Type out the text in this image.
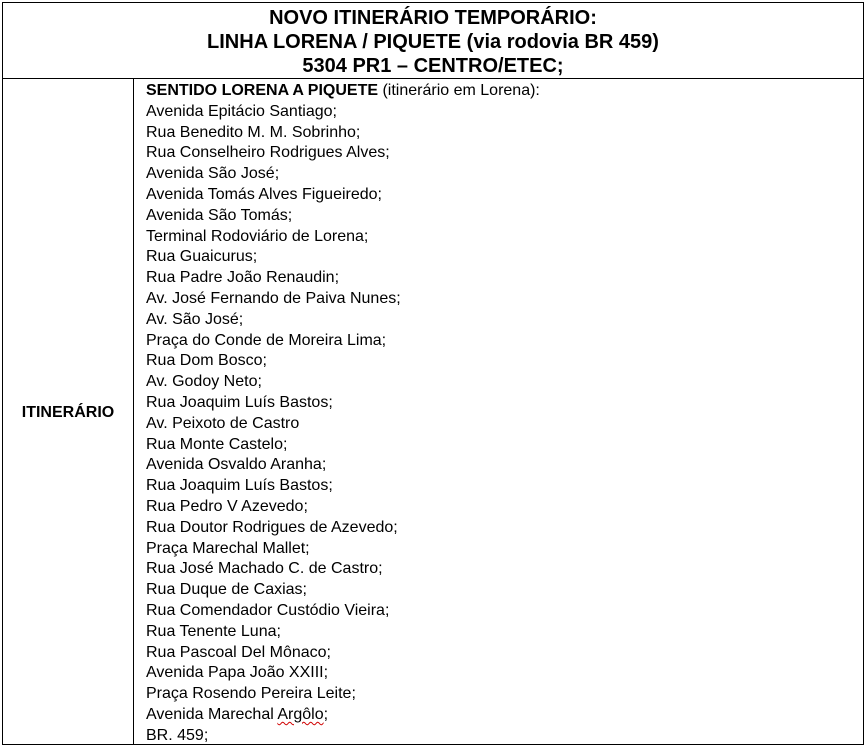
NOVO ITINERÁRIO TEMPORÁRIO:
LINHA LORENA / PIQUETE (via rodovia BR 459)
5304 PR1 – CENTRO/ETEC;
ITINERÁRIO
SENTIDO LORENA A PIQUETE (itinerário em Lorena):
Avenida Epitácio Santiago;
Rua Benedito M. M. Sobrinho;
Rua Conselheiro Rodrigues Alves;
Avenida São José;
Avenida Tomás Alves Figueiredo;
Avenida São Tomás;
Terminal Rodoviário de Lorena;
Rua Guaicurus;
Rua Padre João Renaudin;
Av. José Fernando de Paiva Nunes;
Av. São José;
Praça do Conde de Moreira Lima;
Rua Dom Bosco;
Av. Godoy Neto;
Rua Joaquim Luís Bastos;
Av. Peixoto de Castro
Rua Monte Castelo;
Avenida Osvaldo Aranha;
Rua Joaquim Luís Bastos;
Rua Pedro V Azevedo;
Rua Doutor Rodrigues de Azevedo;
Praça Marechal Mallet;
Rua José Machado C. de Castro;
Rua Duque de Caxias;
Rua Comendador Custódio Vieira;
Rua Tenente Luna;
Rua Pascoal Del Mônaco;
Avenida Papa João XXIII;
Praça Rosendo Pereira Leite;
Avenida Marechal Argôlo;
BR. 459;
